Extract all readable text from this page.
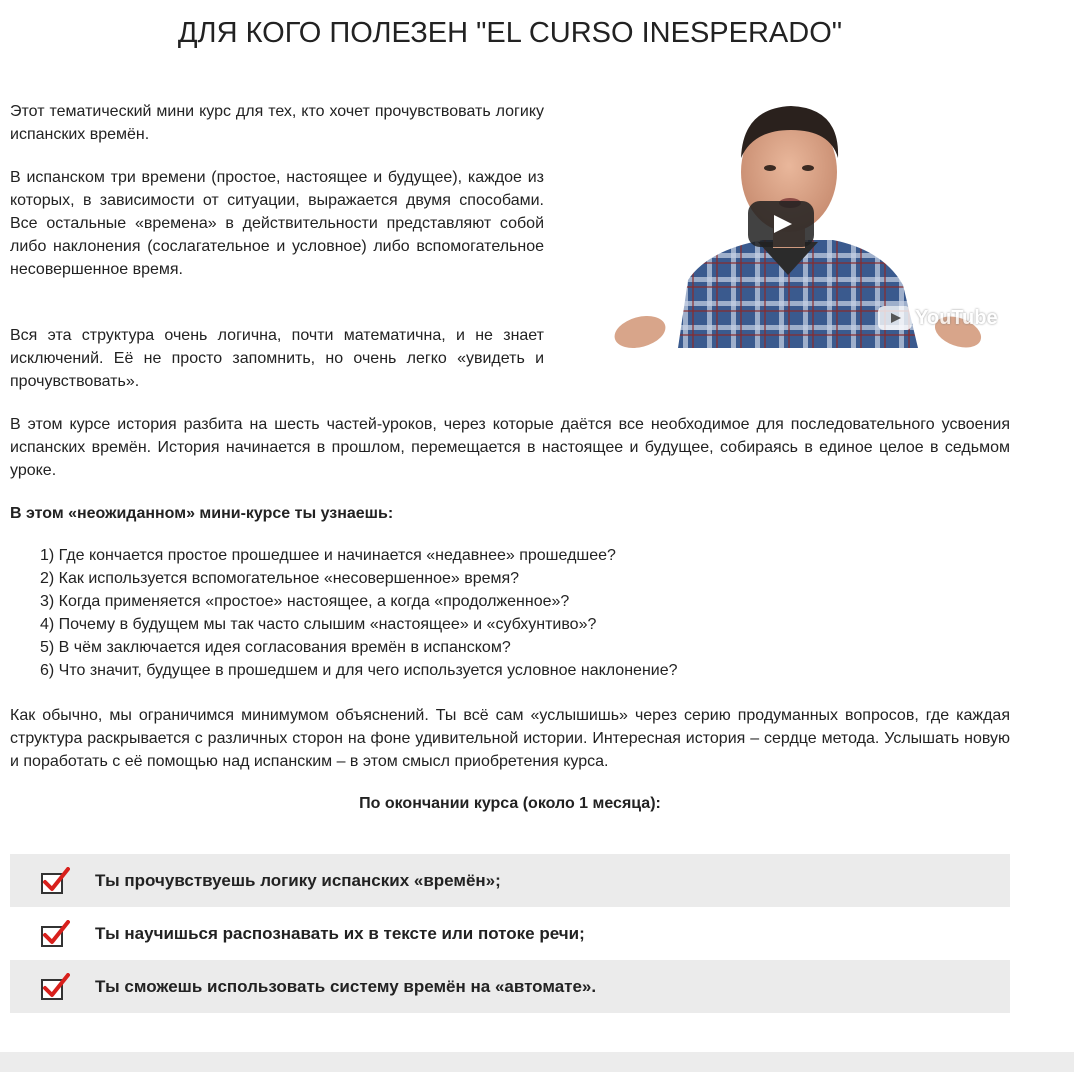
ДЛЯ КОГО ПОЛЕЗЕН "EL CURSO INESPERADO"

Этот тематический мини курс для тех, кто хочет прочувствовать логику испанских времён.

В испанском три времени (простое, настоящее и будущее), каждое из которых, в зависимости от ситуации, выражается двумя способами. Все остальные «времена» в действительности представляют собой либо наклонения (сослагательное и условное) либо вспомогательное несовершенное время.

Вся эта структура очень логична, почти математична, и не знает исключений. Её не просто запомнить, но очень легко «увидеть и прочувствовать».

YouTube

В этом курсе история разбита на шесть частей-уроков, через которые даётся все необходимое для последовательного усвоения испанских времён. История начинается в прошлом, перемещается в настоящее и будущее, собираясь в единое целое в седьмом уроке.

В этом «неожиданном» мини-курсе ты узнаешь:

1) Где кончается простое прошедшее и начинается «недавнее» прошедшее?
2) Как используется вспомогательное «несовершенное» время?
3) Когда применяется «простое» настоящее, а когда «продолженное»?
4) Почему в будущем мы так часто слышим «настоящее» и «субхунтиво»?
5) В чём заключается идея согласования времён в испанском?
6) Что значит, будущее в прошедшем и для чего используется условное наклонение?

Как обычно, мы ограничимся минимумом объяснений. Ты всё сам «услышишь» через серию продуманных вопросов, где каждая структура раскрывается с различных сторон на фоне удивительной истории. Интересная история – сердце метода. Услышать новую и поработать с её помощью над испанским – в этом смысл приобретения курса.

По окончании курса (около 1 месяца):

Ты прочувствуешь логику испанских «времён»;
Ты научишься распознавать их в тексте или потоке речи;
Ты сможешь использовать систему времён на «автомате».
